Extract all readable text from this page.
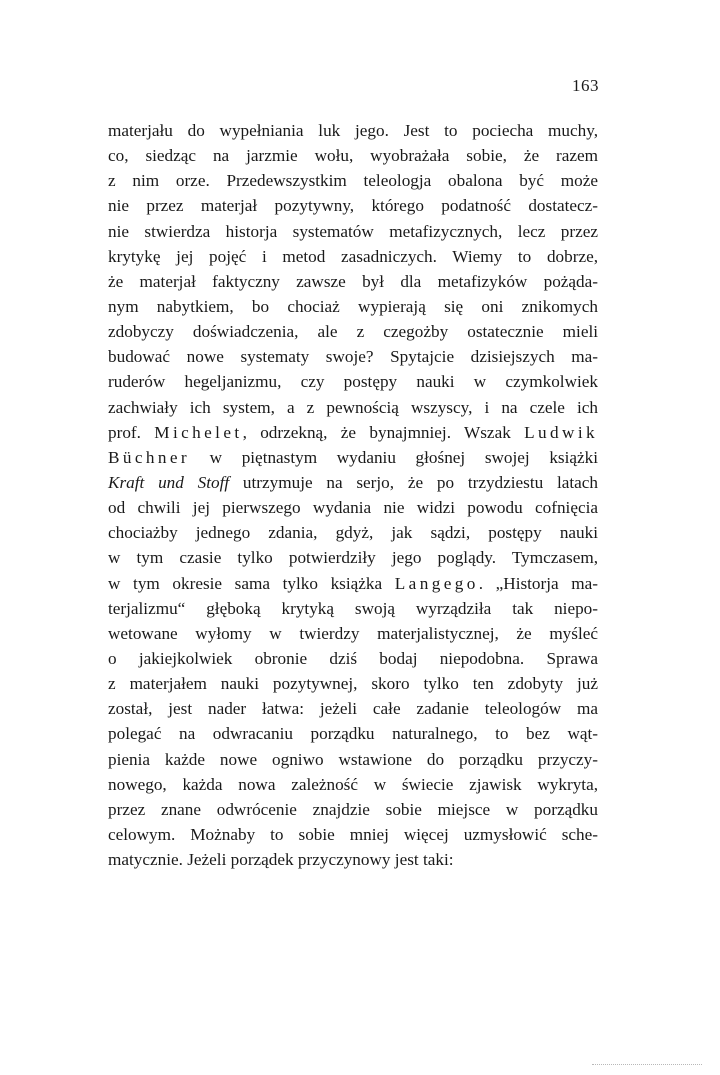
163
materjału do wypełniania luk jego. Jest to pociecha muchy,
co, siedząc na jarzmie wołu, wyobrażała sobie, że razem
z nim orze. Przedewszystkim teleologja obalona być może
nie przez materjał pozytywny, którego podatność dostatecz-
nie stwierdza historja systematów metafizycznych, lecz przez
krytykę jej pojęć i metod zasadniczych. Wiemy to dobrze,
że materjał faktyczny zawsze był dla metafizyków pożąda-
nym nabytkiem, bo chociaż wypierają się oni znikomych
zdobyczy doświadczenia, ale z czegożby ostatecznie mieli
budować nowe systematy swoje? Spytajcie dzisiejszych ma-
ruderów hegeljanizmu, czy postępy nauki w czymkolwiek
zachwiały ich system, a z pewnością wszyscy, i na czele ich
prof. Michelet, odrzekną, że bynajmniej. Wszak Ludwik
Büchner w piętnastym wydaniu głośnej swojej książki
Kraft und Stoff utrzymuje na serjo, że po trzydziestu latach
od chwili jej pierwszego wydania nie widzi powodu cofnięcia
chociażby jednego zdania, gdyż, jak sądzi, postępy nauki
w tym czasie tylko potwierdziły jego poglądy. Tymczasem,
w tym okresie sama tylko książka Langego. „Historja ma-
terjalizmu“ głęboką krytyką swoją wyrządziła tak niepo-
wetowane wyłomy w twierdzy materjalistycznej, że myśleć
o jakiejkolwiek obronie dziś bodaj niepodobna. Sprawa
z materjałem nauki pozytywnej, skoro tylko ten zdobyty już
został, jest nader łatwa: jeżeli całe zadanie teleologów ma
polegać na odwracaniu porządku naturalnego, to bez wąt-
pienia każde nowe ogniwo wstawione do porządku przyczy-
nowego, każda nowa zależność w świecie zjawisk wykryta,
przez znane odwrócenie znajdzie sobie miejsce w porządku
celowym. Możnaby to sobie mniej więcej uzmysłowić sche-
matycznie. Jeżeli porządek przyczynowy jest taki:
